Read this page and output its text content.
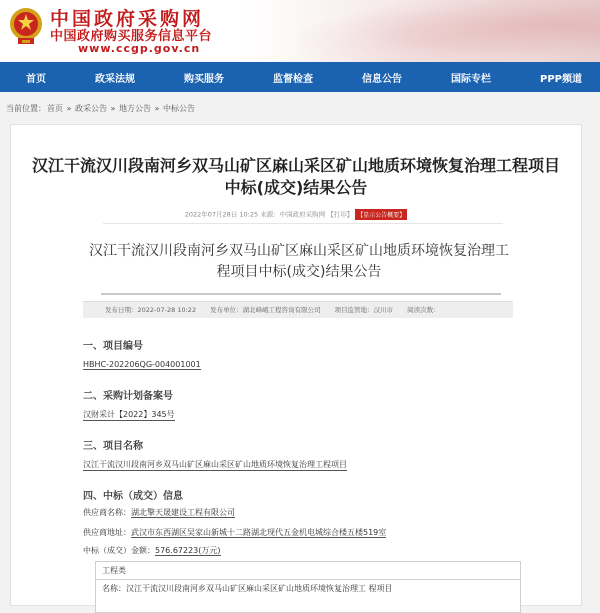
中国政府采购网
中国政府购买服务信息平台
www.ccgp.gov.cn
首页	政采法规	购买服务	监督检查	信息公告	国际专栏	PPP频道
当前位置：首页 » 政采公告 » 地方公告 » 中标公告
汉江干流汉川段南河乡双马山矿区麻山采区矿山地质环境恢复治理工程项目中标(成交)结果公告
2022年07月28日 10:25 来源：中国政府采购网 【打印】 【显示公告概要】
汉江干流汉川段南河乡双马山矿区麻山采区矿山地质环境恢复治理工程项目中标(成交)结果公告
发布日期：2022-07-28 10:22 发布单位：湖北峰峨工程咨询有限公司 项目监管地：汉川市 阅读次数：
一、项目编号
HBHC-202206QG-004001001
二、采购计划备案号
汉财采计【2022】345号
三、项目名称
汉江干流汉川段南河乡双马山矿区麻山采区矿山地质环境恢复治理工程项目
四、中标（成交）信息
供应商名称：湖北擎天晟建设工程有限公司
供应商地址：武汉市东西湖区吴家山新城十二路湖北现代五金机电城综合楼五楼519室
中标（成交）金额：576.67223(万元)
工程类
名称：汉江干流汉川段南河乡双马山矿区麻山采区矿山地质环境恢复治理工 程项目
